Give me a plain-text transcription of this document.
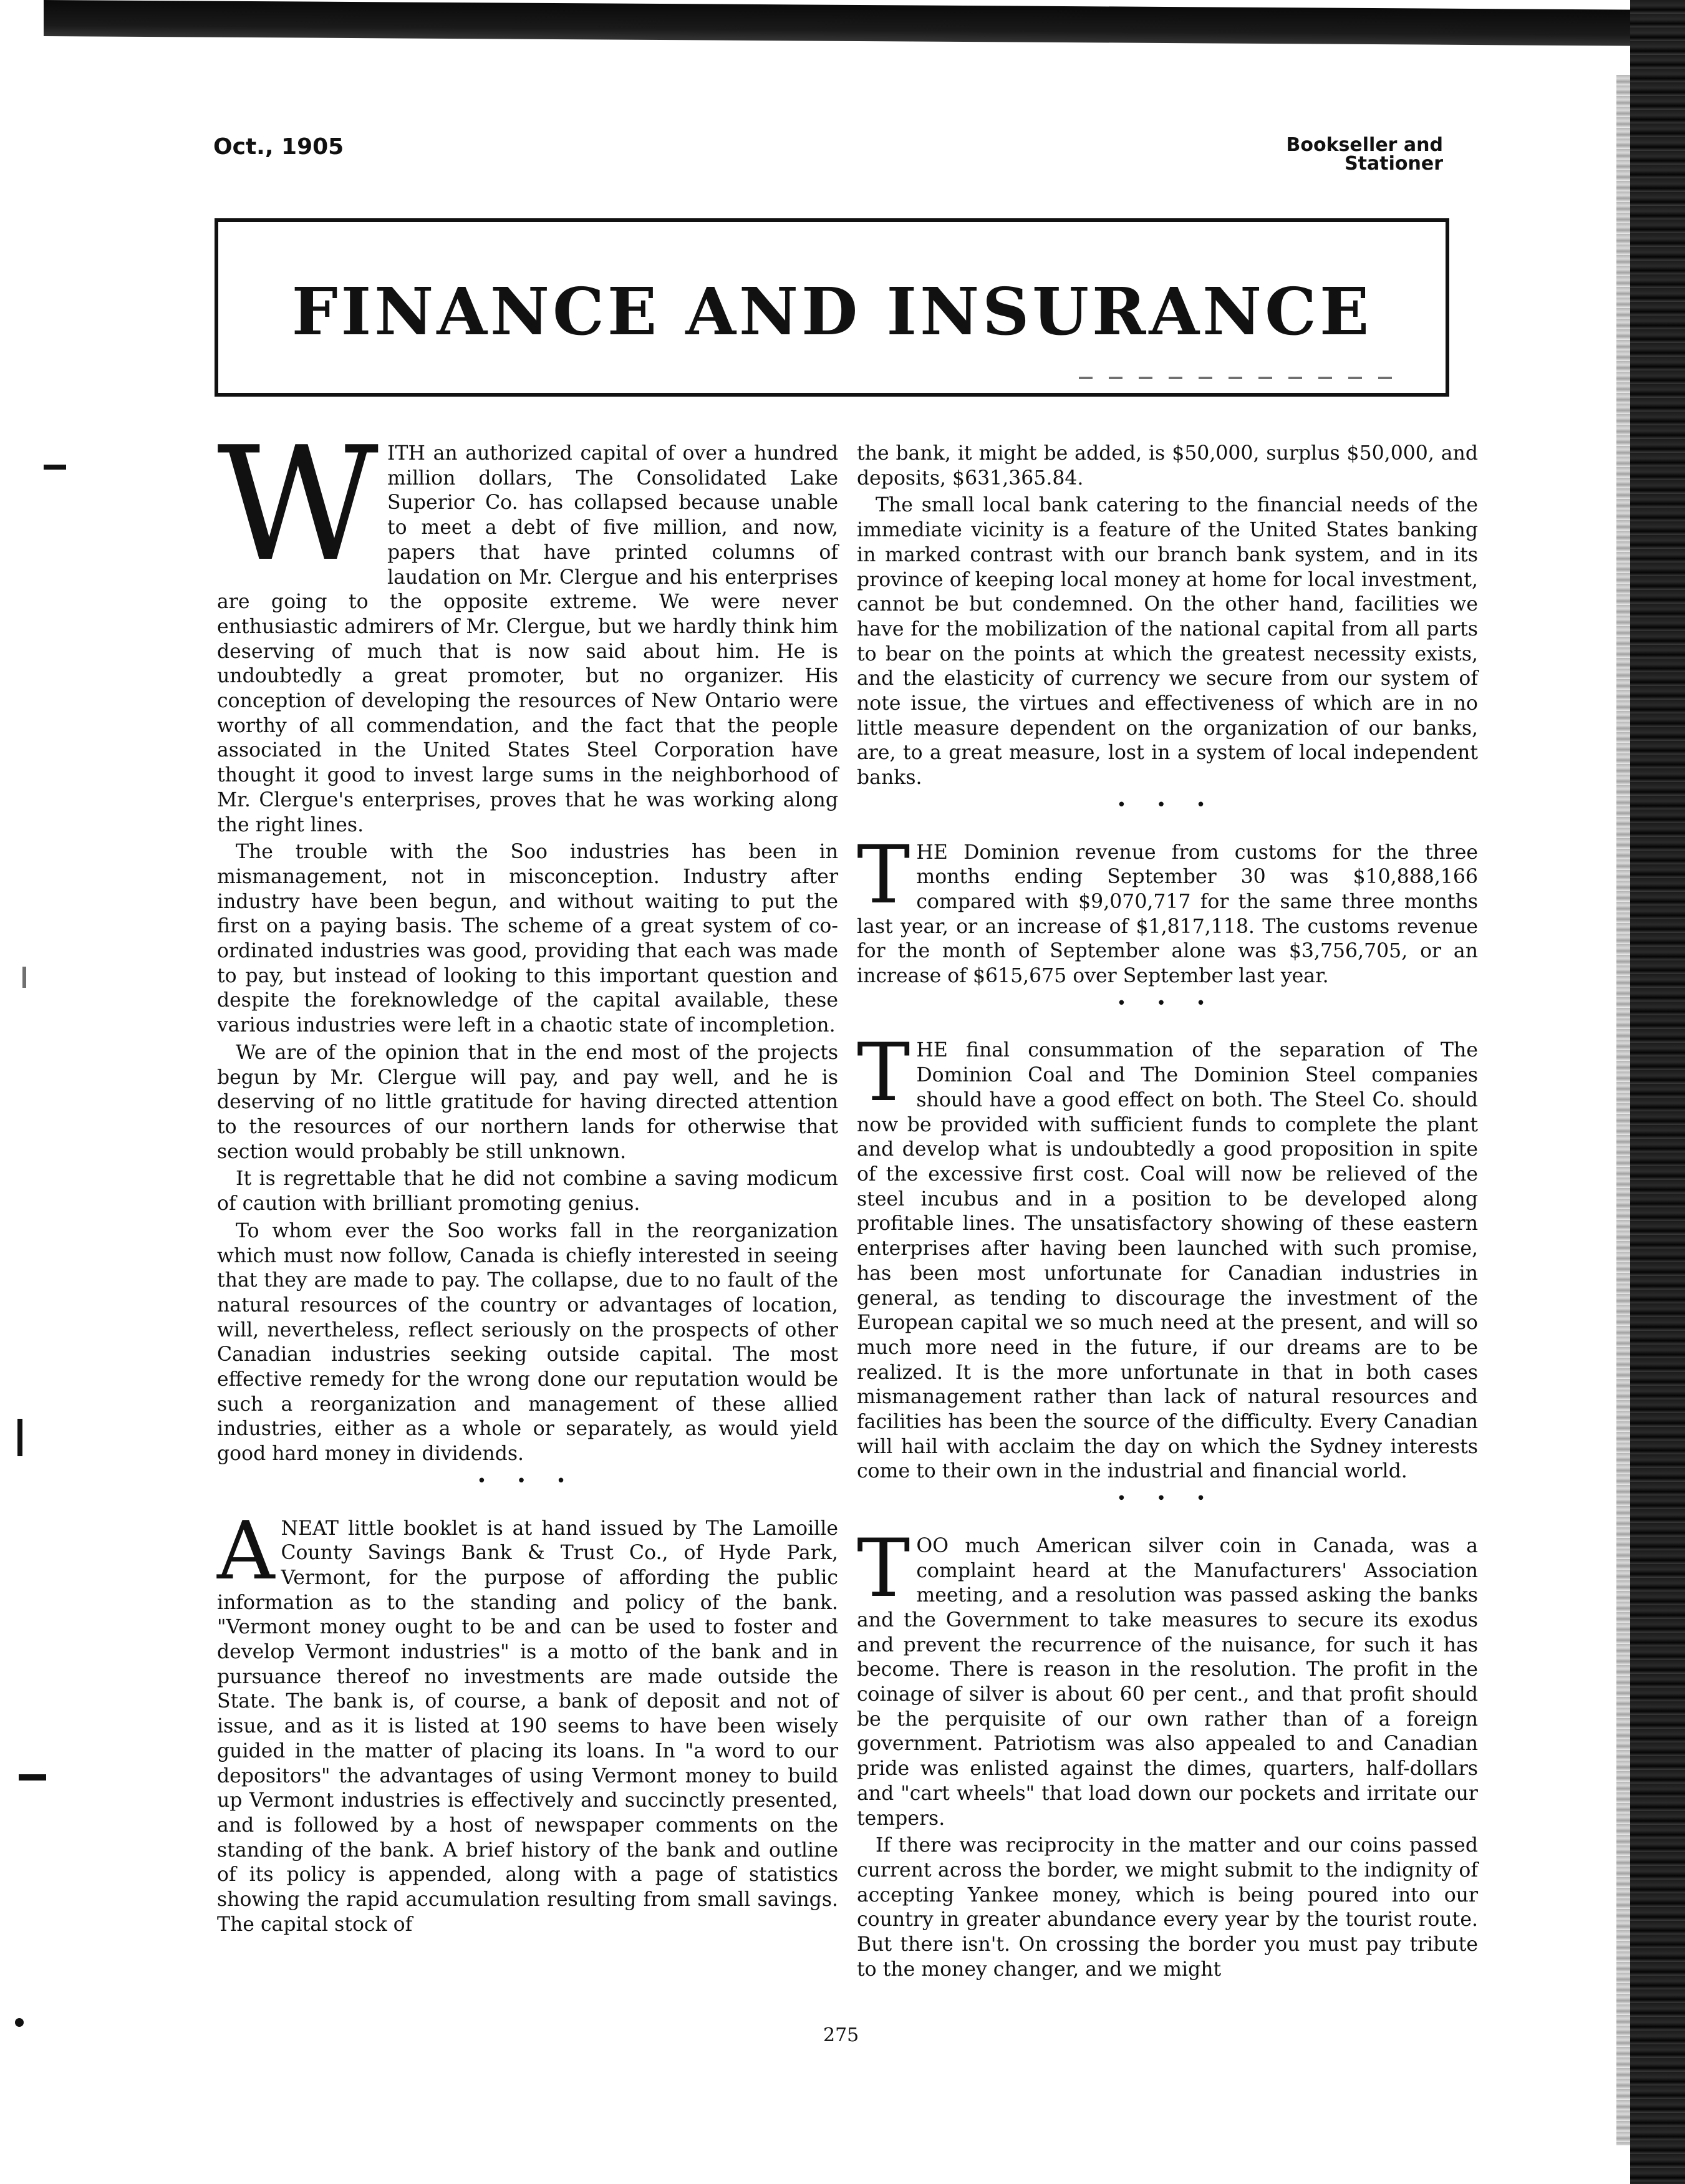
Oct., 1905	Bookseller and
Stationer
FINANCE AND INSURANCE

WITH an authorized capital of over a hundred million dollars, The Consolidated Lake Superior Co. has collapsed because unable to meet a debt of five million, and now, papers that have printed columns of laudation on Mr. Clergue and his enterprises are going to the opposite extreme. We were never enthusiastic admirers of Mr. Clergue, but we hardly think him deserving of much that is now said about him. He is undoubtedly a great promoter, but no organizer. His conception of developing the resources of New Ontario were worthy of all commendation, and the fact that the people associated in the United States Steel Corporation have thought it good to invest large sums in the neighborhood of Mr. Clergue's enterprises, proves that he was working along the right lines.

The trouble with the Soo industries has been in mismanagement, not in misconception. Industry after industry have been begun, and without waiting to put the first on a paying basis. The scheme of a great system of co-ordinated industries was good, providing that each was made to pay, but instead of looking to this important question and despite the foreknowledge of the capital available, these various industries were left in a chaotic state of incompletion.

We are of the opinion that in the end most of the projects begun by Mr. Clergue will pay, and pay well, and he is deserving of no little gratitude for having directed attention to the resources of our northern lands for otherwise that section would probably be still unknown.

It is regrettable that he did not combine a saving modicum of caution with brilliant promoting genius.

To whom ever the Soo works fall in the reorganization which must now follow, Canada is chiefly interested in seeing that they are made to pay. The collapse, due to no fault of the natural resources of the country or advantages of location, will, nevertheless, reflect seriously on the prospects of other Canadian industries seeking outside capital. The most effective remedy for the wrong done our reputation would be such a reorganization and management of these allied industries, either as a whole or separately, as would yield good hard money in dividends.

• • •

ANEAT little booklet is at hand issued by The Lamoille County Savings Bank & Trust Co., of Hyde Park, Vermont, for the purpose of affording the public information as to the standing and policy of the bank. "Vermont money ought to be and can be used to foster and develop Vermont industries" is a motto of the bank and in pursuance thereof no investments are made outside the State. The bank is, of course, a bank of deposit and not of issue, and as it is listed at 190 seems to have been wisely guided in the matter of placing its loans. In "a word to our depositors" the advantages of using Vermont money to build up Vermont industries is effectively and succinctly presented, and is followed by a host of newspaper comments on the standing of the bank. A brief history of the bank and outline of its policy is appended, along with a page of statistics showing the rapid accumulation resulting from small savings. The capital stock of

the bank, it might be added, is $50,000, surplus $50,000, and deposits, $631,365.84.

The small local bank catering to the financial needs of the immediate vicinity is a feature of the United States banking in marked contrast with our branch bank system, and in its province of keeping local money at home for local investment, cannot be but condemned. On the other hand, facilities we have for the mobilization of the national capital from all parts to bear on the points at which the greatest necessity exists, and the elasticity of currency we secure from our system of note issue, the virtues and effectiveness of which are in no little measure dependent on the organization of our banks, are, to a great measure, lost in a system of local independent banks.

• • •

THE Dominion revenue from customs for the three months ending September 30 was $10,888,166 compared with $9,070,717 for the same three months last year, or an increase of $1,817,118. The customs revenue for the month of September alone was $3,756,705, or an increase of $615,675 over September last year.

• • •

THE final consummation of the separation of The Dominion Coal and The Dominion Steel companies should have a good effect on both. The Steel Co. should now be provided with sufficient funds to complete the plant and develop what is undoubtedly a good proposition in spite of the excessive first cost. Coal will now be relieved of the steel incubus and in a position to be developed along profitable lines. The unsatisfactory showing of these eastern enterprises after having been launched with such promise, has been most unfortunate for Canadian industries in general, as tending to discourage the investment of the European capital we so much need at the present, and will so much more need in the future, if our dreams are to be realized. It is the more unfortunate in that in both cases mismanagement rather than lack of natural resources and facilities has been the source of the difficulty. Every Canadian will hail with acclaim the day on which the Sydney interests come to their own in the industrial and financial world.

• • •

TOO much American silver coin in Canada, was a complaint heard at the Manufacturers' Association meeting, and a resolution was passed asking the banks and the Government to take measures to secure its exodus and prevent the recurrence of the nuisance, for such it has become. There is reason in the resolution. The profit in the coinage of silver is about 60 per cent., and that profit should be the perquisite of our own rather than of a foreign government. Patriotism was also appealed to and Canadian pride was enlisted against the dimes, quarters, half-dollars and "cart wheels" that load down our pockets and irritate our tempers.

If there was reciprocity in the matter and our coins passed current across the border, we might submit to the indignity of accepting Yankee money, which is being poured into our country in greater abundance every year by the tourist route. But there isn't. On crossing the border you must pay tribute to the money changer, and we might

275
